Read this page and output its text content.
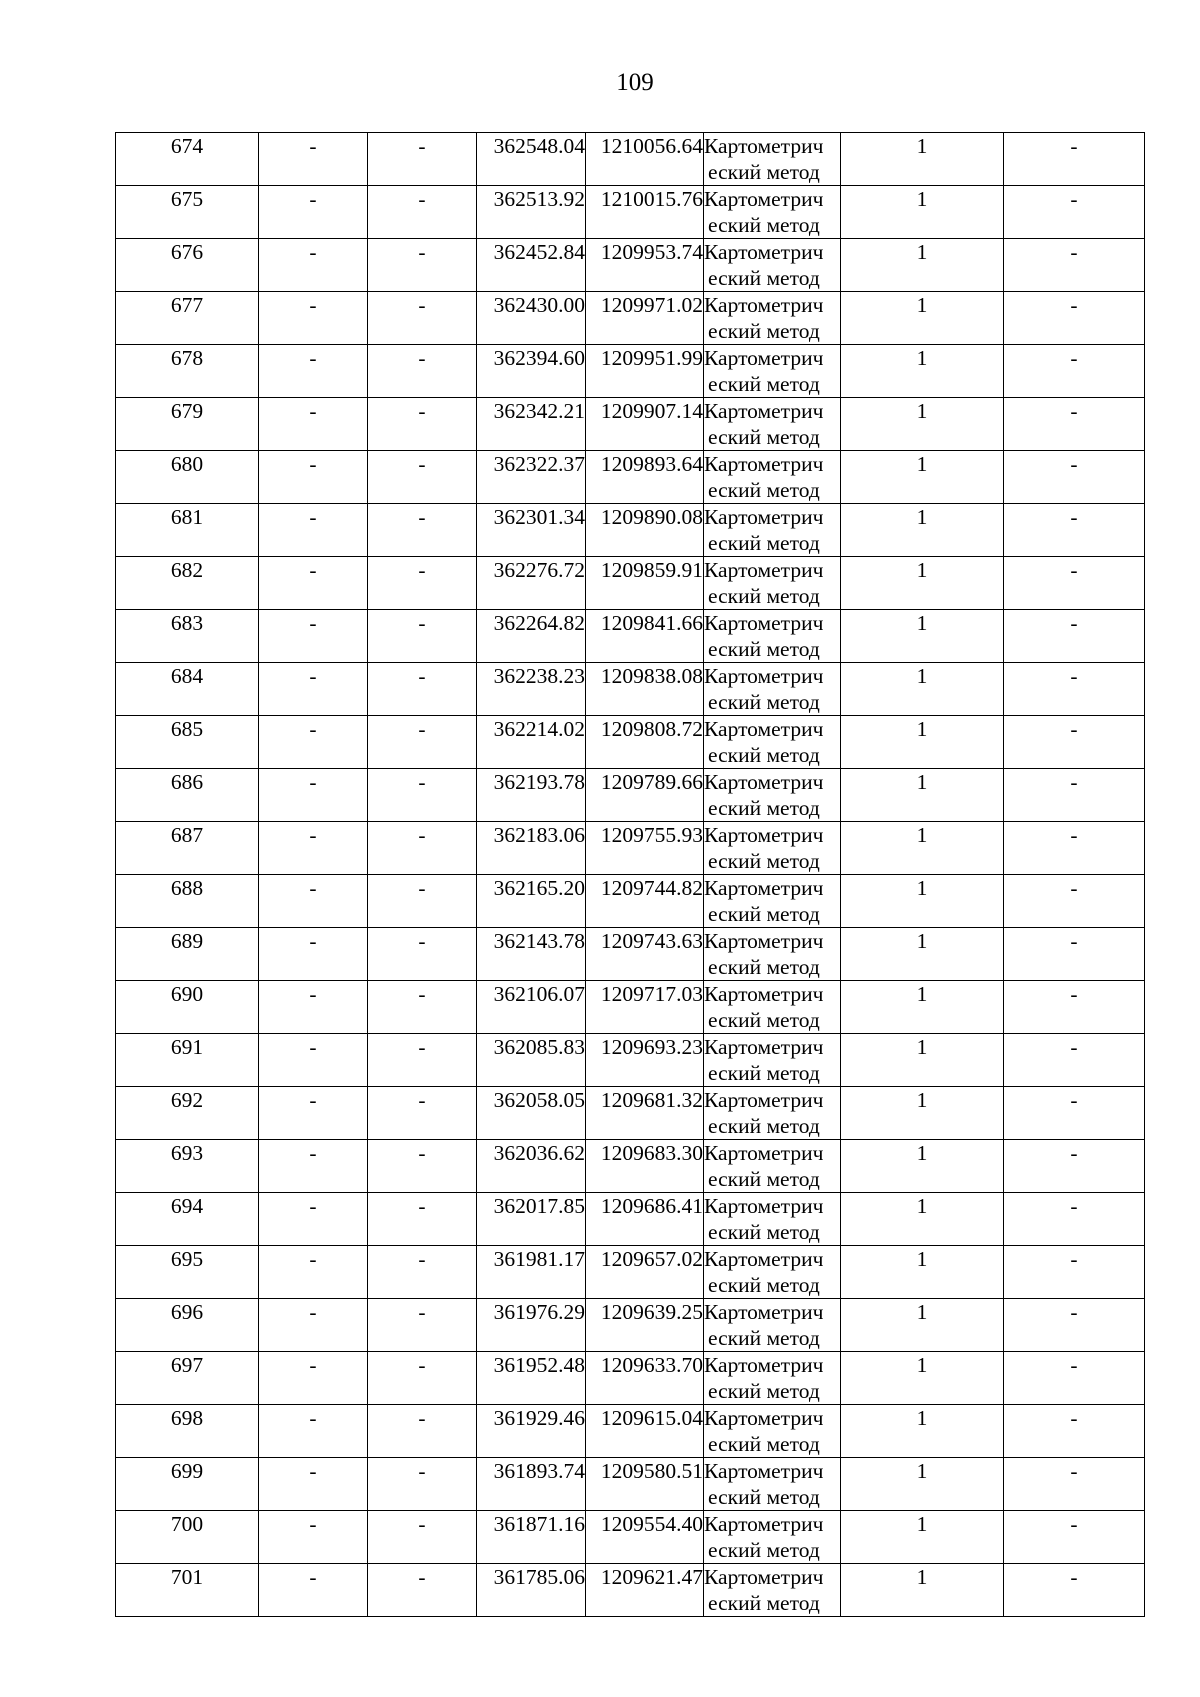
109
674	-	-	362548.04	1210056.64	Картометрич
еский метод	1	-
675	-	-	362513.92	1210015.76	Картометрич
еский метод	1	-
676	-	-	362452.84	1209953.74	Картометрич
еский метод	1	-
677	-	-	362430.00	1209971.02	Картометрич
еский метод	1	-
678	-	-	362394.60	1209951.99	Картометрич
еский метод	1	-
679	-	-	362342.21	1209907.14	Картометрич
еский метод	1	-
680	-	-	362322.37	1209893.64	Картометрич
еский метод	1	-
681	-	-	362301.34	1209890.08	Картометрич
еский метод	1	-
682	-	-	362276.72	1209859.91	Картометрич
еский метод	1	-
683	-	-	362264.82	1209841.66	Картометрич
еский метод	1	-
684	-	-	362238.23	1209838.08	Картометрич
еский метод	1	-
685	-	-	362214.02	1209808.72	Картометрич
еский метод	1	-
686	-	-	362193.78	1209789.66	Картометрич
еский метод	1	-
687	-	-	362183.06	1209755.93	Картометрич
еский метод	1	-
688	-	-	362165.20	1209744.82	Картометрич
еский метод	1	-
689	-	-	362143.78	1209743.63	Картометрич
еский метод	1	-
690	-	-	362106.07	1209717.03	Картометрич
еский метод	1	-
691	-	-	362085.83	1209693.23	Картометрич
еский метод	1	-
692	-	-	362058.05	1209681.32	Картометрич
еский метод	1	-
693	-	-	362036.62	1209683.30	Картометрич
еский метод	1	-
694	-	-	362017.85	1209686.41	Картометрич
еский метод	1	-
695	-	-	361981.17	1209657.02	Картометрич
еский метод	1	-
696	-	-	361976.29	1209639.25	Картометрич
еский метод	1	-
697	-	-	361952.48	1209633.70	Картометрич
еский метод	1	-
698	-	-	361929.46	1209615.04	Картометрич
еский метод	1	-
699	-	-	361893.74	1209580.51	Картометрич
еский метод	1	-
700	-	-	361871.16	1209554.40	Картометрич
еский метод	1	-
701	-	-	361785.06	1209621.47	Картометрич
еский метод	1	-
